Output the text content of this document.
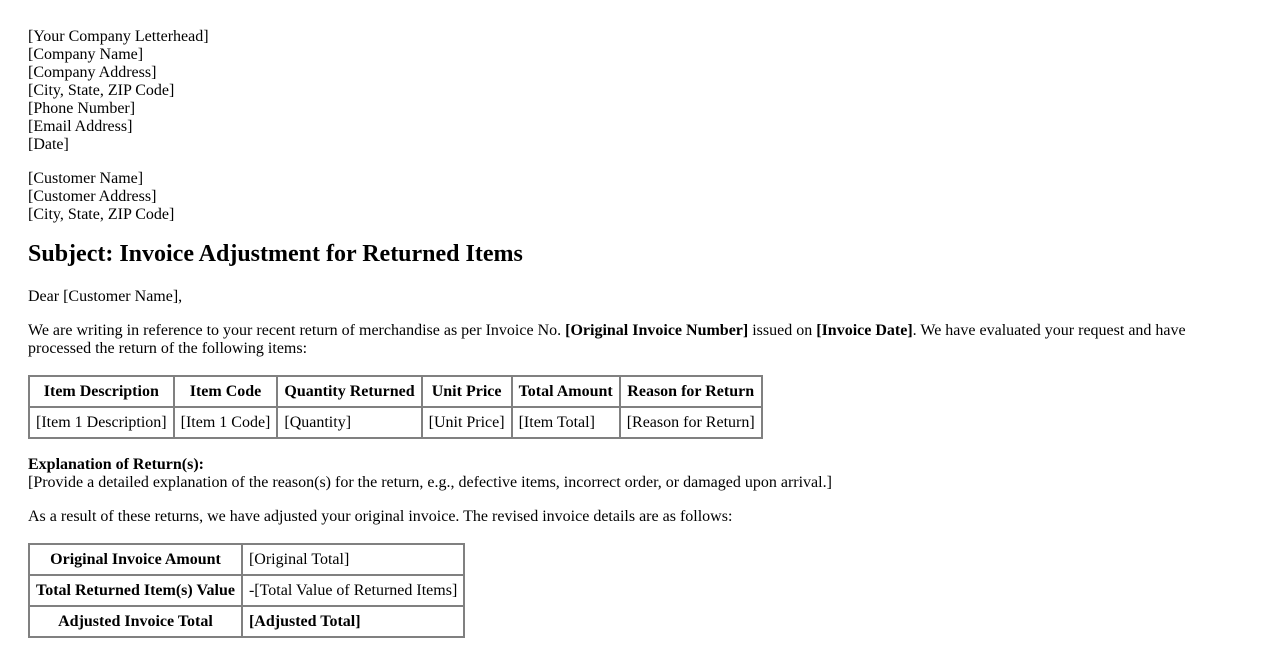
[Your Company Letterhead]
[Company Name]
[Company Address]
[City, State, ZIP Code]
[Phone Number]
[Email Address]
[Date]
[Customer Name]
[Customer Address]
[City, State, ZIP Code]
Subject: Invoice Adjustment for Returned Items

Dear [Customer Name],

We are writing in reference to your recent return of merchandise as per Invoice No. [Original Invoice Number] issued on [Invoice Date]. We have evaluated your request and have processed the return of the following items:

Item Description	Item Code	Quantity Returned	Unit Price	Total Amount	Reason for Return
[Item 1 Description]	[Item 1 Code]	[Quantity]	[Unit Price]	[Item Total]	[Reason for Return]
Explanation of Return(s):
[Provide a detailed explanation of the reason(s) for the return, e.g., defective items, incorrect order, or damaged upon arrival.]

As a result of these returns, we have adjusted your original invoice. The revised invoice details are as follows:

Original Invoice Amount	[Original Total]
Total Returned Item(s) Value	-[Total Value of Returned Items]
Adjusted Invoice Total	[Adjusted Total]
